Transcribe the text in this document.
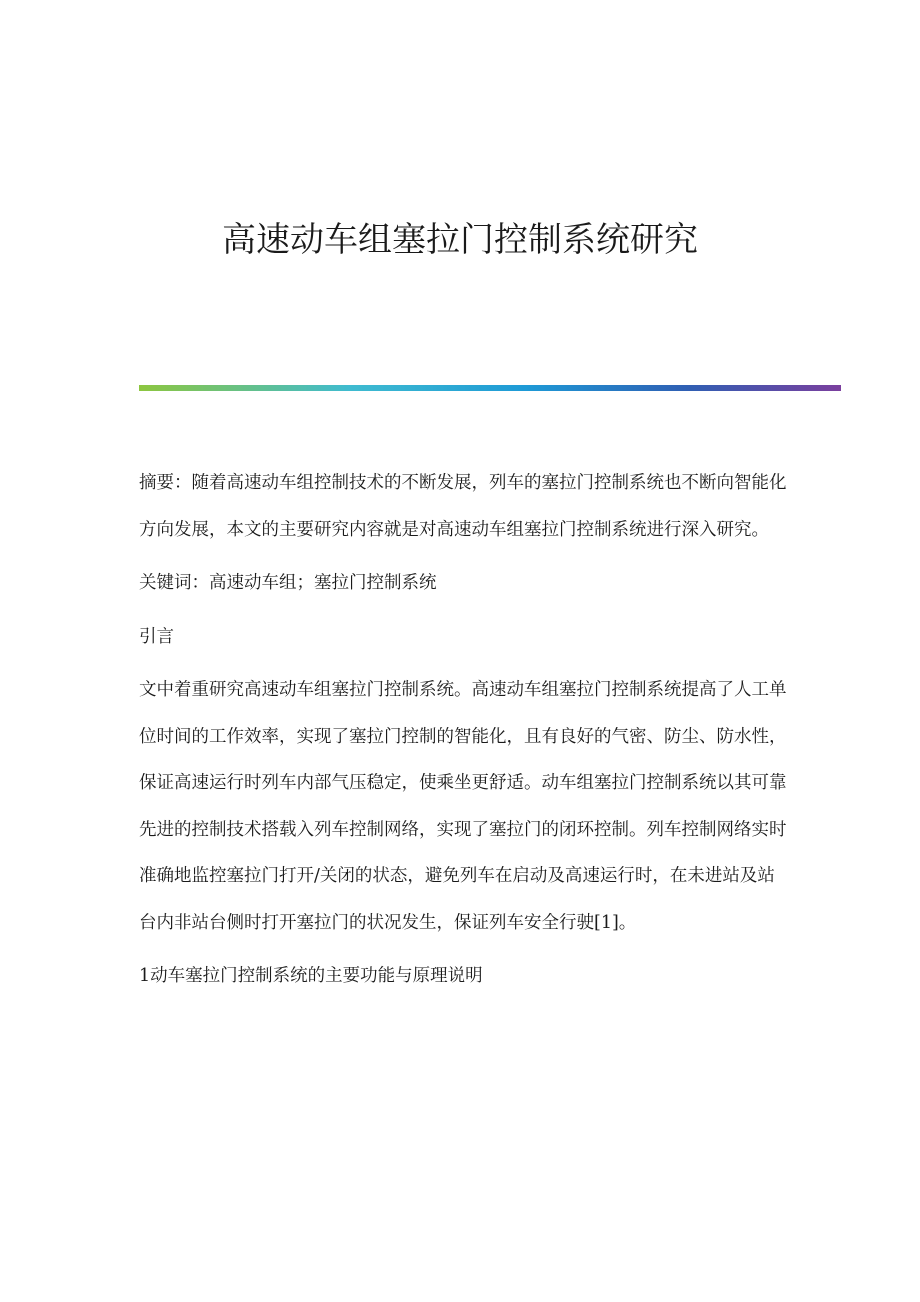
高速动车组塞拉门控制系统研究

摘要：随着高速动车组控制技术的不断发展，列车的塞拉门控制系统也不断向智能化方向发展，本文的主要研究内容就是对高速动车组塞拉门控制系统进行深入研究。

关键词：高速动车组；塞拉门控制系统

引言

文中着重研究高速动车组塞拉门控制系统。高速动车组塞拉门控制系统提高了人工单位时间的工作效率，实现了塞拉门控制的智能化，且有良好的气密、防尘、防水性，保证高速运行时列车内部气压稳定，使乘坐更舒适。动车组塞拉门控制系统以其可靠先进的控制技术搭载入列车控制网络，实现了塞拉门的闭环控制。列车控制网络实时准确地监控塞拉门打开/关闭的状态，避免列车在启动及高速运行时，在未进站及站台内非站台侧时打开塞拉门的状况发生，保证列车安全行驶[1]。

1动车塞拉门控制系统的主要功能与原理说明
